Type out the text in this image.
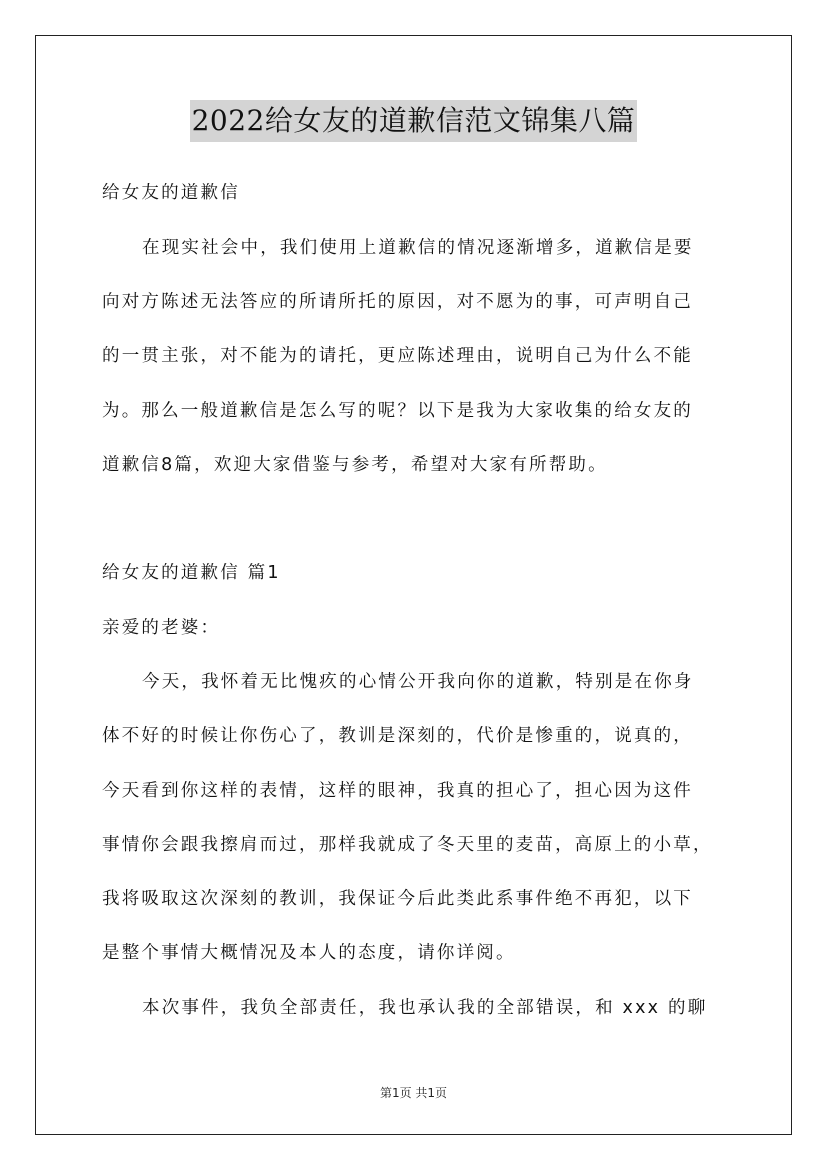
2022给女友的道歉信范文锦集八篇
给女友的道歉信
在现实社会中，我们使用上道歉信的情况逐渐增多，道歉信是要
向对方陈述无法答应的所请所托的原因，对不愿为的事，可声明自己
的一贯主张，对不能为的请托，更应陈述理由，说明自己为什么不能
为。那么一般道歉信是怎么写的呢？以下是我为大家收集的给女友的
道歉信8篇，欢迎大家借鉴与参考，希望对大家有所帮助。
给女友的道歉信 篇1
亲爱的老婆：
今天，我怀着无比愧疚的心情公开我向你的道歉，特别是在你身
体不好的时候让你伤心了，教训是深刻的，代价是惨重的，说真的，
今天看到你这样的表情，这样的眼神，我真的担心了，担心因为这件
事情你会跟我擦肩而过，那样我就成了冬天里的麦苗，高原上的小草，
我将吸取这次深刻的教训，我保证今后此类此系事件绝不再犯，以下
是整个事情大概情况及本人的态度，请你详阅。
本次事件，我负全部责任，我也承认我的全部错误，和 xxx 的聊
第1页 共1页
